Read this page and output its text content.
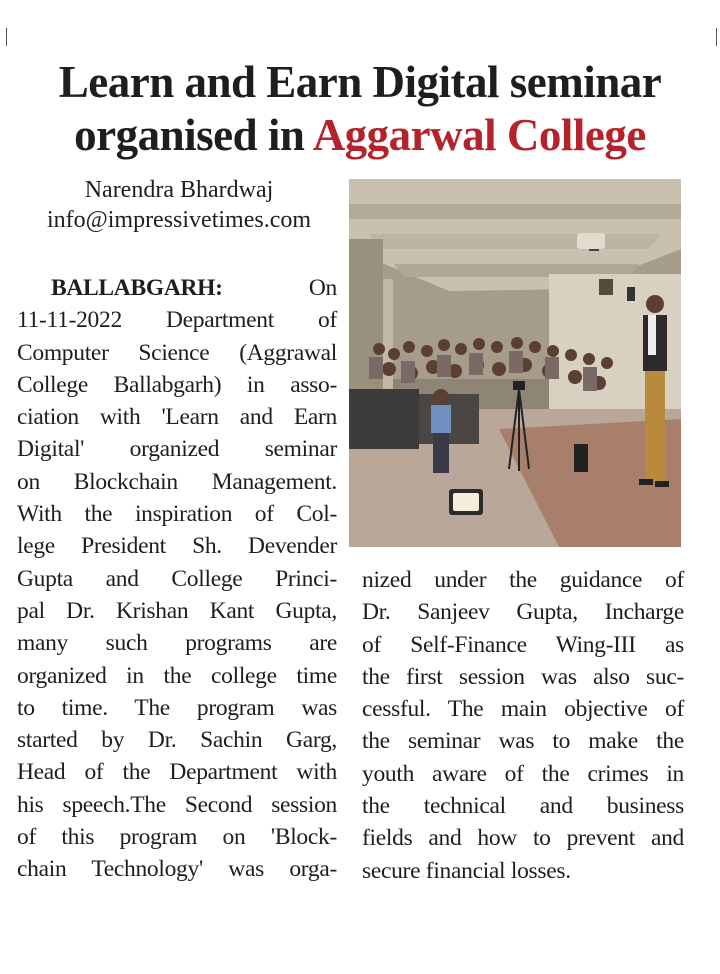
Learn and Earn Digital seminar
organised in Aggarwal College
Narendra Bhardwaj
info@impressivetimes.com
BALLABGARH:	On
11-11-2022 Department of
Computer Science (Aggrawal
College Ballabgarh) in asso-
ciation with 'Learn and Earn
Digital' organized seminar
on Blockchain Management.
With the inspiration of Col-
lege President Sh. Devender
Gupta and College Princi-
pal Dr. Krishan Kant Gupta,
many such programs are
organized in the college time
to time. The program was
started by Dr. Sachin Garg,
Head of the Department with
his speech.The Second session
of this program on 'Block-
chain Technology' was orga-
nized under the guidance of
Dr. Sanjeev Gupta, Incharge
of Self-Finance Wing-III as
the first session was also suc-
cessful. The main objective of
the seminar was to make the
youth aware of the crimes in
the technical and business
fields and how to prevent and
secure financial losses.
